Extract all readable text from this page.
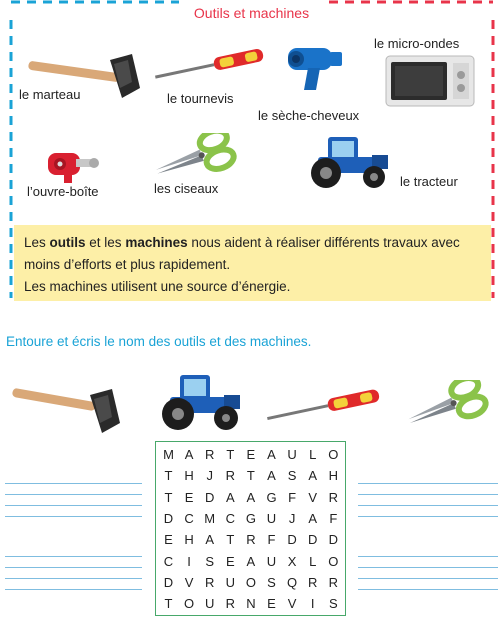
Outils et machines
le marteau	le tournevis
le sèche-cheveux
le micro-ondes
l’ouvre-boîte	les ciseaux	le tracteur
Les outils et les machines nous aident à réaliser différents travaux avec moins d’efforts et plus rapidement.
Les machines utilisent une source d’énergie.
Entoure et écris le nom des outils et des machines.
M A R T E A U L O
T H J R T A S A H
T E D A A G F V R
D C M C G U J	A F
E H A T R F D D D
C	I	S E A U X L O
D V R U O S Q R R
T O U R N E V	I	S
